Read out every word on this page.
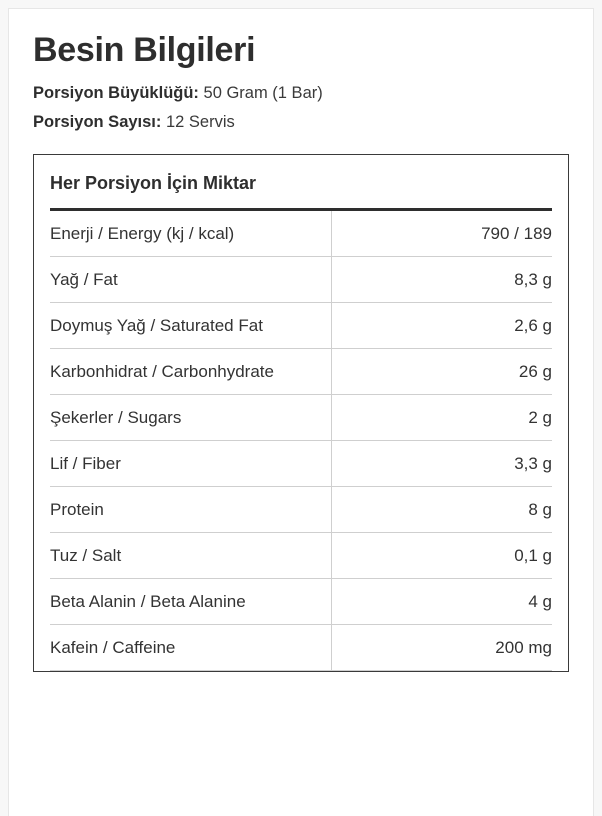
Besin Bilgileri
Porsiyon Büyüklüğü: 50 Gram (1 Bar)
Porsiyon Sayısı: 12 Servis
Her Porsiyon İçin Miktar
Enerji / Energy (kj / kcal)	790 / 189
Yağ / Fat	8,3 g
Doymuş Yağ / Saturated Fat	2,6 g
Karbonhidrat / Carbonhydrate	26 g
Şekerler / Sugars	2 g
Lif / Fiber	3,3 g
Protein	8 g
Tuz / Salt	0,1 g
Beta Alanin / Beta Alanine	4 g
Kafein / Caffeine	200 mg
